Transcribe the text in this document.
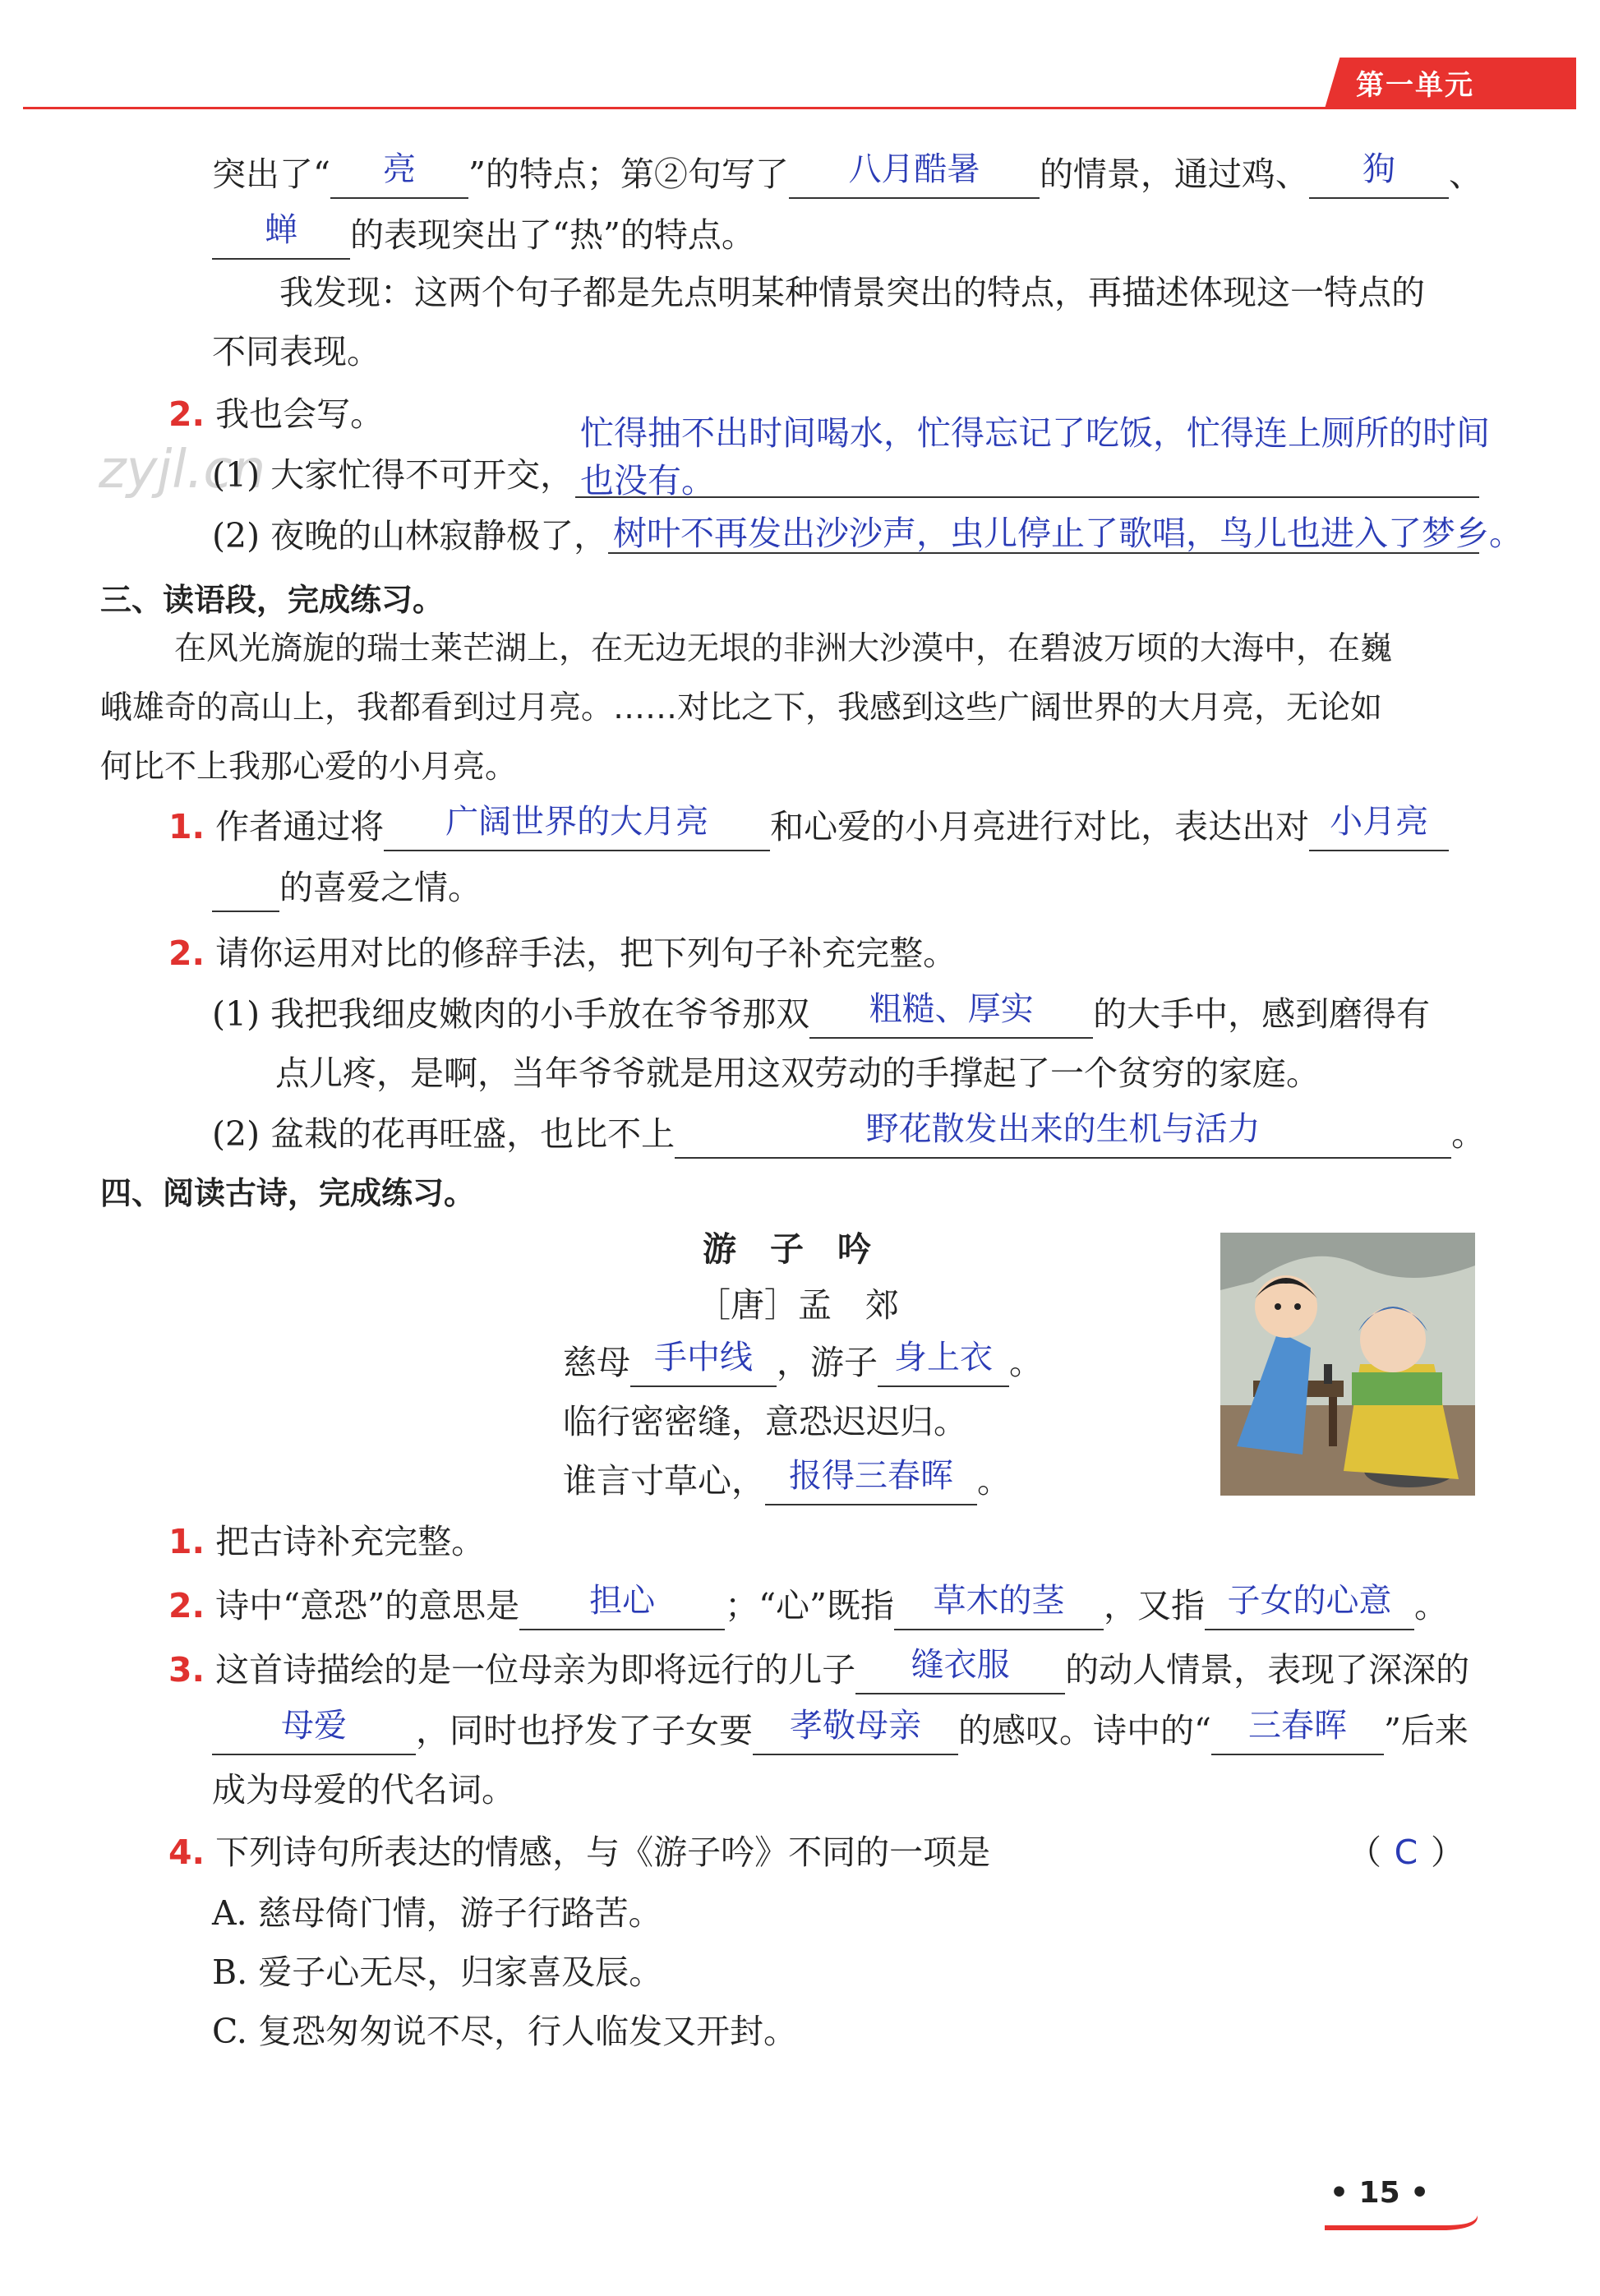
第一单元
zyjl.cn
突出了“	亮	”的特点；第②句写了	八月酷暑	的情景，通过鸡、	狗	、
蝉	的表现突出了“热”的特点。
我发现：这两个句子都是先点明某种情景突出的特点，再描述体现这一特点的
不同表现。
2. 我也会写。	忙得抽不出时间喝水，忙得忘记了吃饭，忙得连上厕所的时间
(1) 大家忙得不可开交， 也没有。
(2) 夜晚的山林寂静极了， 树叶不再发出沙沙声，虫儿停止了歌唱，鸟儿也进入了梦乡。
三、读语段，完成练习。
在风光旖旎的瑞士莱芒湖上，在无边无垠的非洲大沙漠中，在碧波万顷的大海中，在巍
峨雄奇的高山上，我都看到过月亮。……对比之下，我感到这些广阔世界的大月亮，无论如
何比不上我那心爱的小月亮。
1. 作者通过将	广阔世界的大月亮	和心爱的小月亮进行对比，表达出对 小月亮
的喜爱之情。
2. 请你运用对比的修辞手法，把下列句子补充完整。
(1) 我把我细皮嫩肉的小手放在爷爷那双	粗糙、厚实	的大手中，感到磨得有
点儿疼，是啊，当年爷爷就是用这双劳动的手撑起了一个贫穷的家庭。
(2) 盆栽的花再旺盛，也比不上	野花散发出来的生机与活力	。
四、阅读古诗，完成练习。
游　子　吟
［唐］孟　郊
慈母 手中线 ，游子 身上衣 。
临行密密缝，意恐迟迟归。
谁言寸草心， 报得三春晖 。
1. 把古诗补充完整。
2. 诗中“意恐”的意思是	担心	；“心”既指	草木的茎	，又指 子女的心意 。
3. 这首诗描绘的是一位母亲为即将远行的儿子	缝衣服	的动人情景，表现了深深的
母爱	，同时也抒发了子女要	孝敬母亲	的感叹。诗中的“	三春晖	”后来
成为母爱的代名词。
4. 下列诗句所表达的情感，与《游子吟》不同的一项是	（ C ）
A. 慈母倚门情，游子行路苦。
B. 爱子心无尽，归家喜及辰。
C. 复恐匆匆说不尽，行人临发又开封。
• 15 •
